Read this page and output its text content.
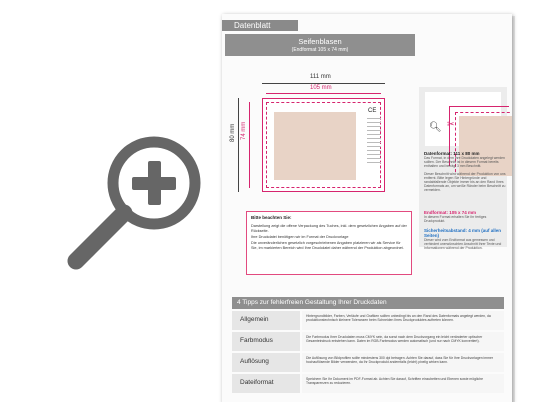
Datenblatt
Seifenblasen
(Endformat 105 x 74 mm)
111 mm
105 mm
80 mm 74 mm
CE
Bitte beachten Sie:
Darstellung zeigt die offene Verpackung des Tuches, inkl. dem gesetzlichen Angaben auf der Rückseite.
Ihre Druckdatei benötigen wir im Format der Druckvorlage
Die unveränderlichen gesetzlich vorgeschriebenen Angaben platzieren wir als Service für Sie, im markierten Bereich wird Ihre Druckdatei daher während der Produktion abgeordnet.
🔍︎ ✂
Datenformat: 111 x 80 mm
Das Format, in dem Ihre Druckdaten angelegt werden sollten. Der Beschnitt ist in diesem Format bereits enthalten und beträgt 3 mm Beschnitt.
Dieser Beschnitt wird während der Produktion von uns entfernt. Bitte legen Sie Hintergründe und randabfallende Objekte immer bis an den Rand Ihres Datenformats an, um weiße Ränder beim Beschnitt zu vermeiden.
Endformat: 105 x 74 mm
In diesem Format erhalten Sie Ihr fertiges Druckprodukt.
Sicherheitsabstand: 4 mm (auf allen Seiten)
Dieser wird vom Endformat aus gemessen und verhindert unerwünschten Anschnitt Ihrer Texte und Informationen während der Produktion.
4 Tipps zur fehlerfreien Gestaltung Ihrer Druckdaten
Allgemein	Hintergrundbilder, Farben, Verläufe und Grafiken sollten unbedingt bis an den Rand des Datenformats angelegt werden, da produktionstechnisch kleinere Toleranzen beim Schneiden Ihres Druckproduktes auftreten können.
Farbmodus	Die Farbmodus Ihrer Druckdaten muss CMYK sein, da sonst nach dem Druckvorgang ein leicht veränderter optischer Gesamteindruck entstehen kann. Daten im RGB-Farbmodus werden automatisch (und nur nach CMYK konvertiert).
Auflösung	Die Auflösung von Bildprofilen sollte mindestens 300 dpi betragen. Achten Sie darauf, dass Sie für Ihre Druckvorlagen immer hochauflösende Bilder verwenden, da Ihr Druckprodukt andernfalls (leicht) pixelig wirken kann.
Dateiformat	Speichern Sie Ihr Dokument im PDF-Format ab. Achten Sie darauf, Schriften einzubetten und Ebenen sowie mögliche Transparenzen zu reduzieren.
